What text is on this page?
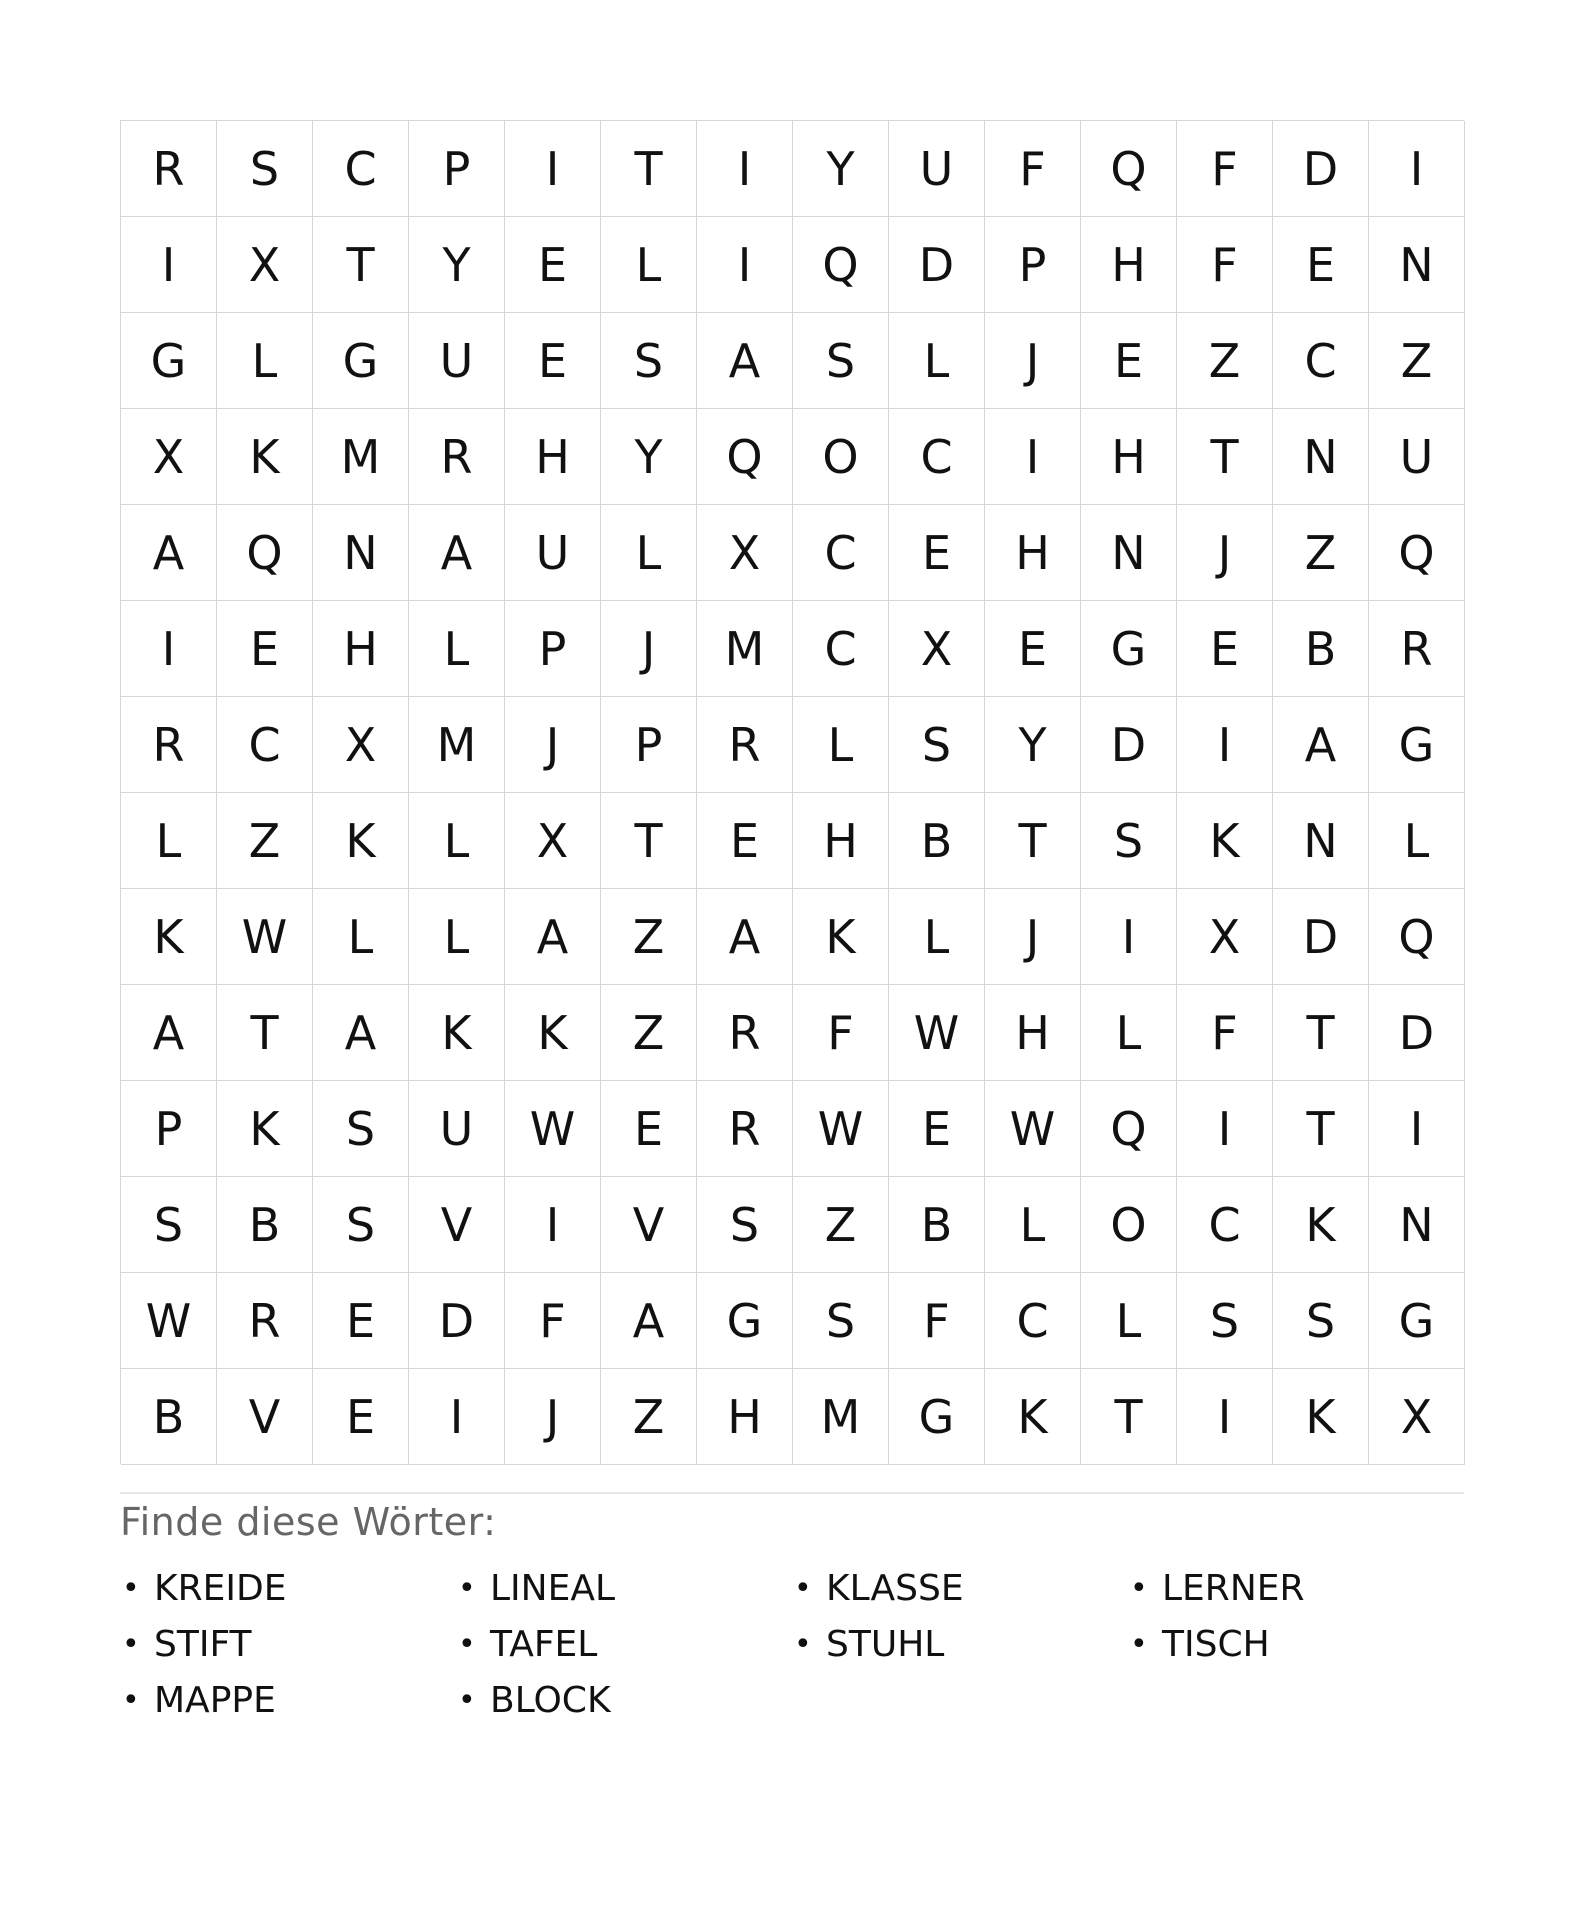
R	S	C	P	I	T	I	Y	U	F	Q	F	D	I
I	X	T	Y	E	L	I	Q	D	P	H	F	E	N
G	L	G	U	E	S	A	S	L	J	E	Z	C	Z
X	K	M	R	H	Y	Q	O	C	I	H	T	N	U
A	Q	N	A	U	L	X	C	E	H	N	J	Z	Q
I	E	H	L	P	J	M	C	X	E	G	E	B	R
R	C	X	M	J	P	R	L	S	Y	D	I	A	G
L	Z	K	L	X	T	E	H	B	T	S	K	N	L
K	W	L	L	A	Z	A	K	L	J	I	X	D	Q
A	T	A	K	K	Z	R	F	W	H	L	F	T	D
P	K	S	U	W	E	R	W	E	W	Q	I	T	I
S	B	S	V	I	V	S	Z	B	L	O	C	K	N
W	R	E	D	F	A	G	S	F	C	L	S	S	G
B	V	E	I	J	Z	H	M	G	K	T	I	K	X
Finde diese Wörter:
• KREIDE	• LINEAL	• KLASSE	• LERNER
• STIFT	• TAFEL	• STUHL	• TISCH
• MAPPE	• BLOCK
